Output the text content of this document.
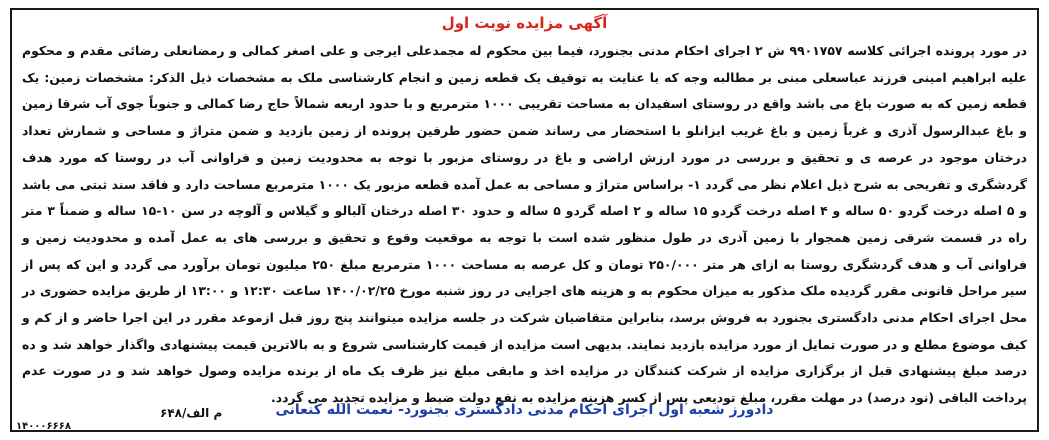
آگهی مزایده نوبت اول

در مورد پرونده اجرائی کلاسه ۹۹۰۱۷۵۷ ش ۲ اجرای احکام مدنی بجنورد، فیما بین محکوم له مجمدعلی ایرجی و علی اصغر کمالی و رمضانعلی رضائی مقدم و محکوم علیه ابراهیم امینی فرزند عباسعلی مبنی بر مطالبه وجه که با عنایت به توقیف یک قطعه زمین و انجام کارشناسی ملک به مشخصات ذیل الذکر: مشخصات زمین: یک قطعه زمین که به صورت باغ می باشد واقع در روستای اسفیدان به مساحت تقریبی ۱۰۰۰ مترمربع و با حدود اربعه شمالاً حاج رضا کمالی و جنوباً جوی آب شرقا زمین و باغ عبدالرسول آذری و غرباً زمین و باغ غریب ایزانلو با استحضار می رساند ضمن حضور طرفین پرونده از زمین بازدید و ضمن متراژ و مساحی و شمارش تعداد درختان موجود در عرصه ی و تحقیق و بررسی در مورد ارزش اراضی و باغ در روستای مزبور با توجه به محدودیت زمین و فراوانی آب در روستا که مورد هدف گردشگری و تفریحی به شرح ذیل اعلام نظر می گردد ۱- براساس متراژ و مساحی به عمل آمده قطعه مزبور یک ۱۰۰۰ مترمربع مساحت دارد و فاقد سند ثبتی می باشد و ۵ اصله درخت گردو ۵۰ ساله و ۴ اصله درخت گردو ۱۵ ساله و ۲ اصله گردو ۵ ساله و حدود ۳۰ اصله درختان آلبالو و گیلاس و آلوچه در سن ۱۰-۱۵ ساله و ضمناً ۳ متر راه در قسمت شرقی زمین همجوار با زمین آذری در طول منظور شده است با توجه به موقعیت وقوع و تحقیق و بررسی های به عمل آمده و محدودیت زمین و فراوانی آب و هدف گردشگری روستا به ازای هر متر ۲۵۰/۰۰۰ تومان و کل عرصه به مساحت ۱۰۰۰ مترمربع مبلغ ۲۵۰ میلیون تومان برآورد می گردد و این که پس از سیر مراحل قانونی مقرر گردیده ملک مذکور به میزان محکوم به و هزینه های اجرایی در روز شنبه مورخ ۱۴۰۰/۰۲/۲۵ ساعت ۱۲:۳۰ و ۱۳:۰۰ از طریق مزایده حضوری در محل اجرای احکام مدنی دادگستری بجنورد به فروش برسد، بنابراین متقاضیان شرکت در جلسه مزایده میتوانند پنج روز قبل ازموعد مقرر در این اجرا حاضر و از کم و کیف موضوع مطلع و در صورت تمایل از مورد مزایده بازدید نمایند. بدیهی است مزایده از قیمت کارشناسی شروع و به بالاترین قیمت پیشنهادی واگذار خواهد شد و ده درصد مبلغ پیشنهادی قبل از برگزاری مزایده از شرکت کنندگان در مزایده اخذ و مابقی مبلغ نیز ظرف یک ماه از برنده مزایده وصول خواهد شد و در صورت عدم پرداخت الباقی (نود درصد) در مهلت مقرر، مبلغ تودیعی پس از کسر هزینه مزایده به نفع دولت ضبط و مزایده تجدید می گردد.

دادورز شعبه اول اجرای احکام مدنی دادگستری بجنورد- نعمت الله کنعانی
م الف/۶۴۸
۱۴۰۰۰۶۶۶۸
